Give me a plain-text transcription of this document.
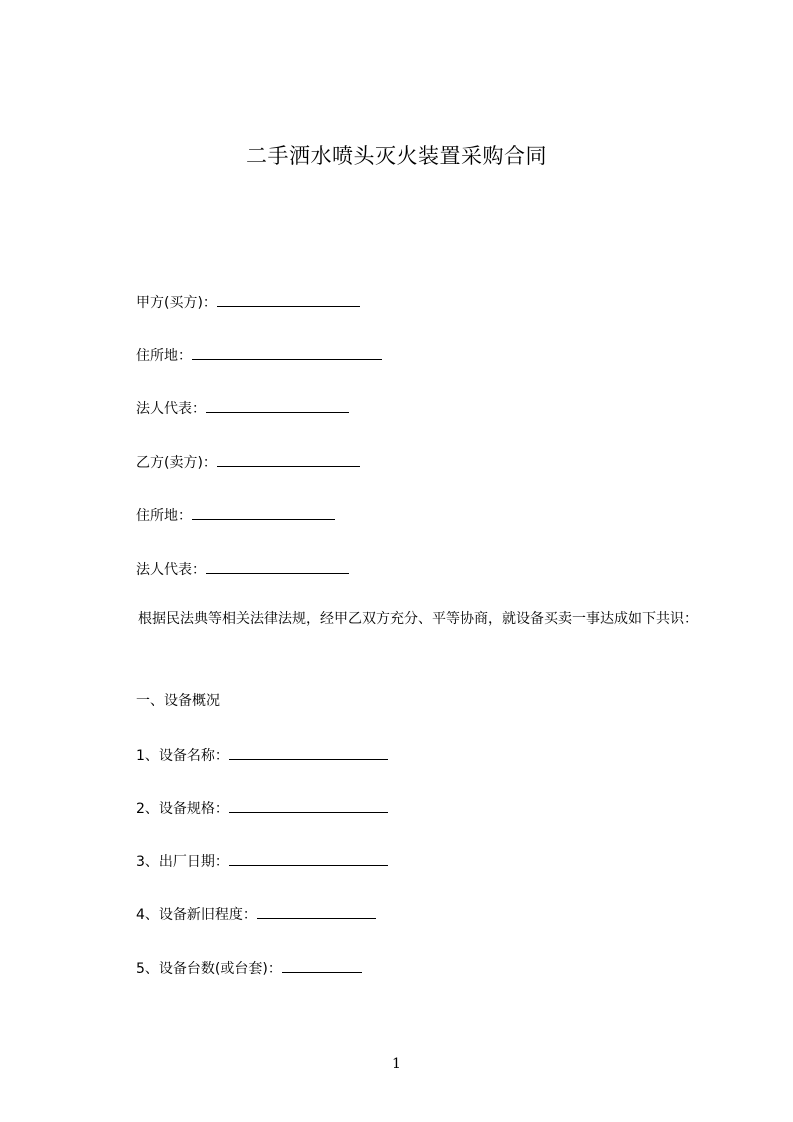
二手洒水喷头灭火装置采购合同
甲方(买方)：
住所地：
法人代表：
乙方(卖方)：
住所地：
法人代表：
根据民法典等相关法律法规，经甲乙双方充分、平等协商，就设备买卖一事达成如下共识：
一、设备概况
1、设备名称：
2、设备规格：
3、出厂日期：
4、设备新旧程度：
5、设备台数(或台套)：
1
